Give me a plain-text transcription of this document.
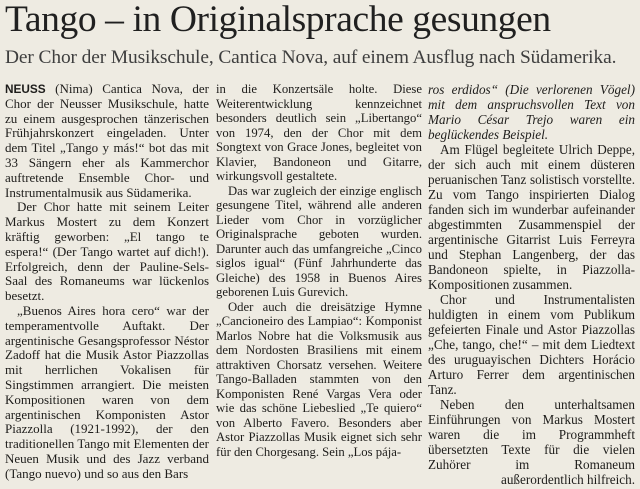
Tango – in Originalsprache gesungen
Der Chor der Musikschule, Cantica Nova, auf einem Ausflug nach Südamerika.

NEUSS (Nima) Cantica Nova, der Chor der Neusser Musikschule, hatte zu einem ausgesprochen tänzerischen Frühjahrskonzert eingeladen. Unter dem Titel „Tango y más!“ bot das mit 33 Sängern eher als Kammerchor auftretende Ensemble Chor- und Instrumentalmusik aus Südamerika.

Der Chor hatte mit seinem Leiter Markus Mostert zu dem Konzert kräftig geworben: „El tango te espera!“ (Der Tango wartet auf dich!). Erfolgreich, denn der Pauline-Sels-Saal des Romaneums war lückenlos besetzt.

„Buenos Aires hora cero“ war der temperamentvolle Auftakt. Der argentinische Gesangsprofessor Néstor Zadoff hat die Musik Astor Piazzollas mit herrlichen Vokalisen für Singstimmen arrangiert. Die meisten Kompositionen waren von dem argentinischen Komponisten Astor Piazzolla (1921-1992), der den traditionellen Tango mit Elementen der Neuen Musik und des Jazz verband (Tango nuevo) und so aus den Bars

in die Konzertsäle holte. Diese Weiterentwicklung kennzeichnet besonders deutlich sein „Libertango“ von 1974, den der Chor mit dem Songtext von Grace Jones, begleitet von Klavier, Bandoneon und Gitarre, wirkungsvoll gestaltete.

Das war zugleich der einzige englisch gesungene Titel, während alle anderen Lieder vom Chor in vorzüglicher Originalsprache geboten wurden. Darunter auch das umfangreiche „Cinco siglos igual“ (Fünf Jahrhunderte das Gleiche) des 1958 in Buenos Aires geborenen Luis Gurevich.

Oder auch die dreisätzige Hymne „Cancioneiro des Lampiao“: Komponist Marlos Nobre hat die Volksmusik aus dem Nordosten Brasiliens mit einem attraktiven Chorsatz versehen. Weitere Tango-Balladen stammten von den Komponisten René Vargas Vera oder wie das schöne Liebeslied „Te quiero“ von Alberto Favero. Besonders aber Astor Piazzollas Musik eignet sich sehr für den Chorgesang. Sein „Los pája-

ros erdidos“ (Die verlorenen Vögel) mit dem anspruchsvollen Text von Mario César Trejo waren ein beglückendes Beispiel.

Am Flügel begleitete Ulrich Deppe, der sich auch mit einem düsteren peruanischen Tanz solistisch vorstellte. Zu vom Tango inspirierten Dialog fanden sich im wunderbar aufeinander abgestimmten Zusammenspiel der argentinische Gitarrist Luis Ferreyra und Stephan Langenberg, der das Bandoneon spielte, in Piazzolla-Kompositionen zusammen.

Chor und Instrumentalisten huldigten in einem vom Publikum gefeierten Finale und Astor Piazzollas „Che, tango, che!“ – mit dem Liedtext des uruguayischen Dichters Horácio Arturo Ferrer dem argentinischen Tanz.

Neben den unterhaltsamen Einführungen von Markus Mostert waren die im Programmheft übersetzten Texte für die vielen Zuhörer im Romaneum außerordentlich hilfreich.
